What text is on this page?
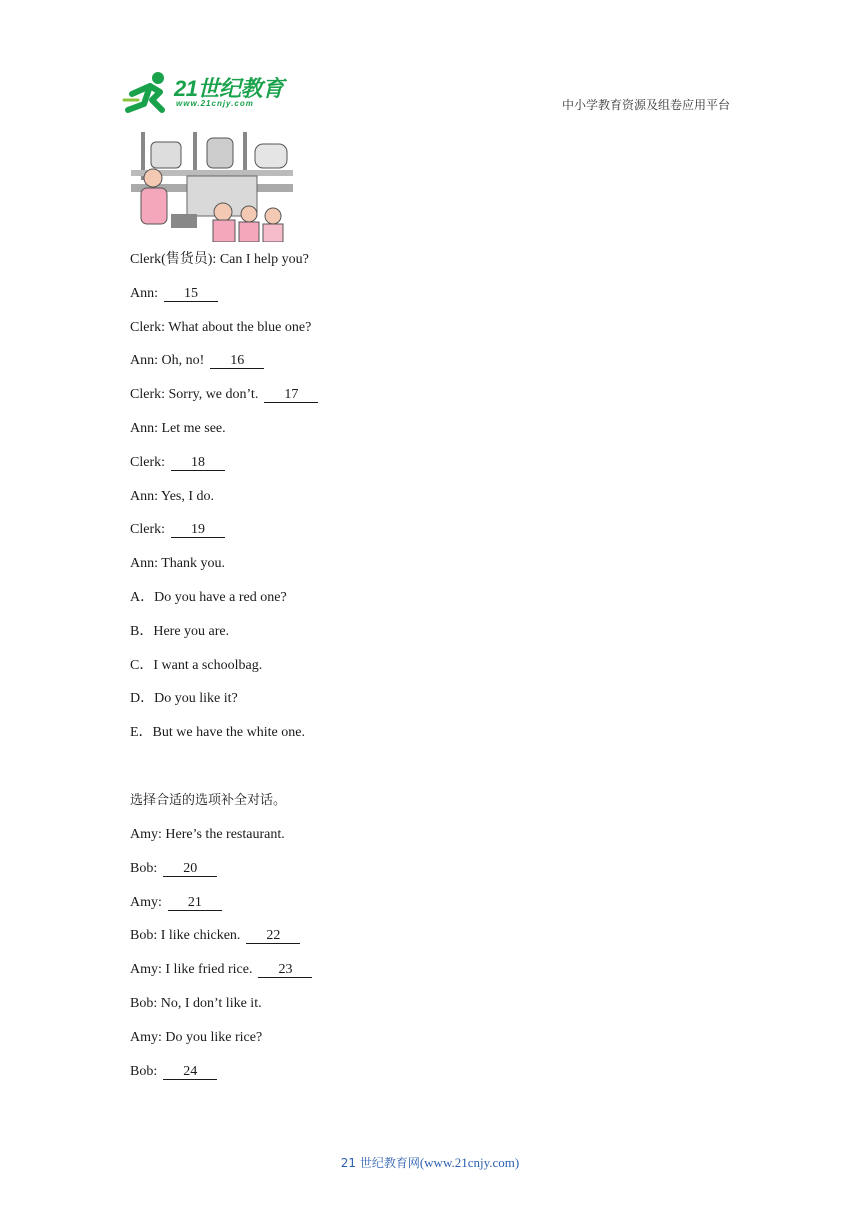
21世纪教育
www.21cnjy.com	中小学教育资源及组卷应用平台
Clerk(售货员): Can I help you?
Ann: 15
Clerk: What about the blue one?
Ann: Oh, no! 16
Clerk: Sorry, we don’t. 17
Ann: Let me see.
Clerk: 18
Ann: Yes, I do.
Clerk: 19
Ann: Thank you.
A．Do you have a red one?
B．Here you are.
C．I want a schoolbag.
D．Do you like it?
E．But we have the white one.
选择合适的选项补全对话。
Amy: Here’s the restaurant.
Bob: 20
Amy: 21
Bob: I like chicken. 22
Amy: I like fried rice. 23
Bob: No, I don’t like it.
Amy: Do you like rice?
Bob: 24
21 世纪教育网(www.21cnjy.com)
